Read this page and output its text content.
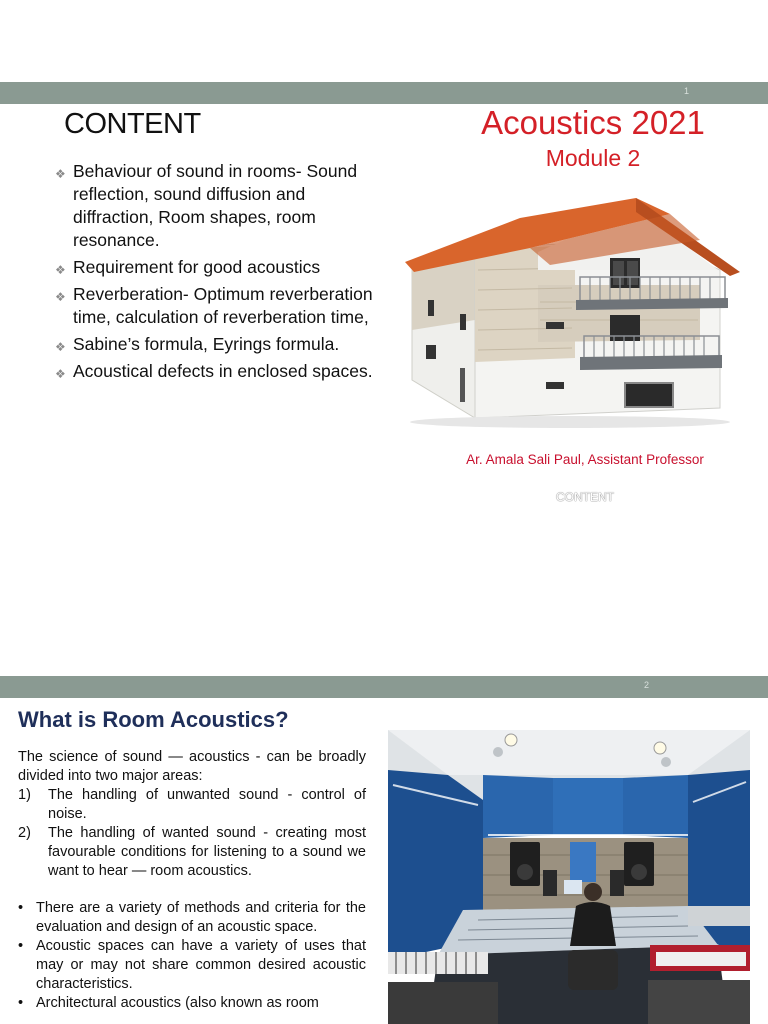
1
CONTENT
❖ Behaviour of sound in rooms- Sound reflection, sound diffusion and diffraction, Room shapes, room resonance.
❖ Requirement for good acoustics
❖ Reverberation- Optimum reverberation time, calculation of reverberation time,
❖ Sabine’s formula, Eyrings formula.
❖ Acoustical defects in enclosed spaces.
Acoustics 2021
Module 2
Ar. Amala Sali Paul, Assistant Professor
CONTENT
2
What is Room Acoustics?

The science of sound — acoustics - can be broadly divided into two major areas:

1) The handling of unwanted sound - control of noise.

2) The handling of wanted sound - creating most favourable conditions for listening to a sound we want to hear — room acoustics.

• There are a variety of methods and criteria for the evaluation and design of an acoustic space.
• Acoustic spaces can have a variety of uses that may or may not share common desired acoustic characteristics.
• Architectural acoustics (also known as room
